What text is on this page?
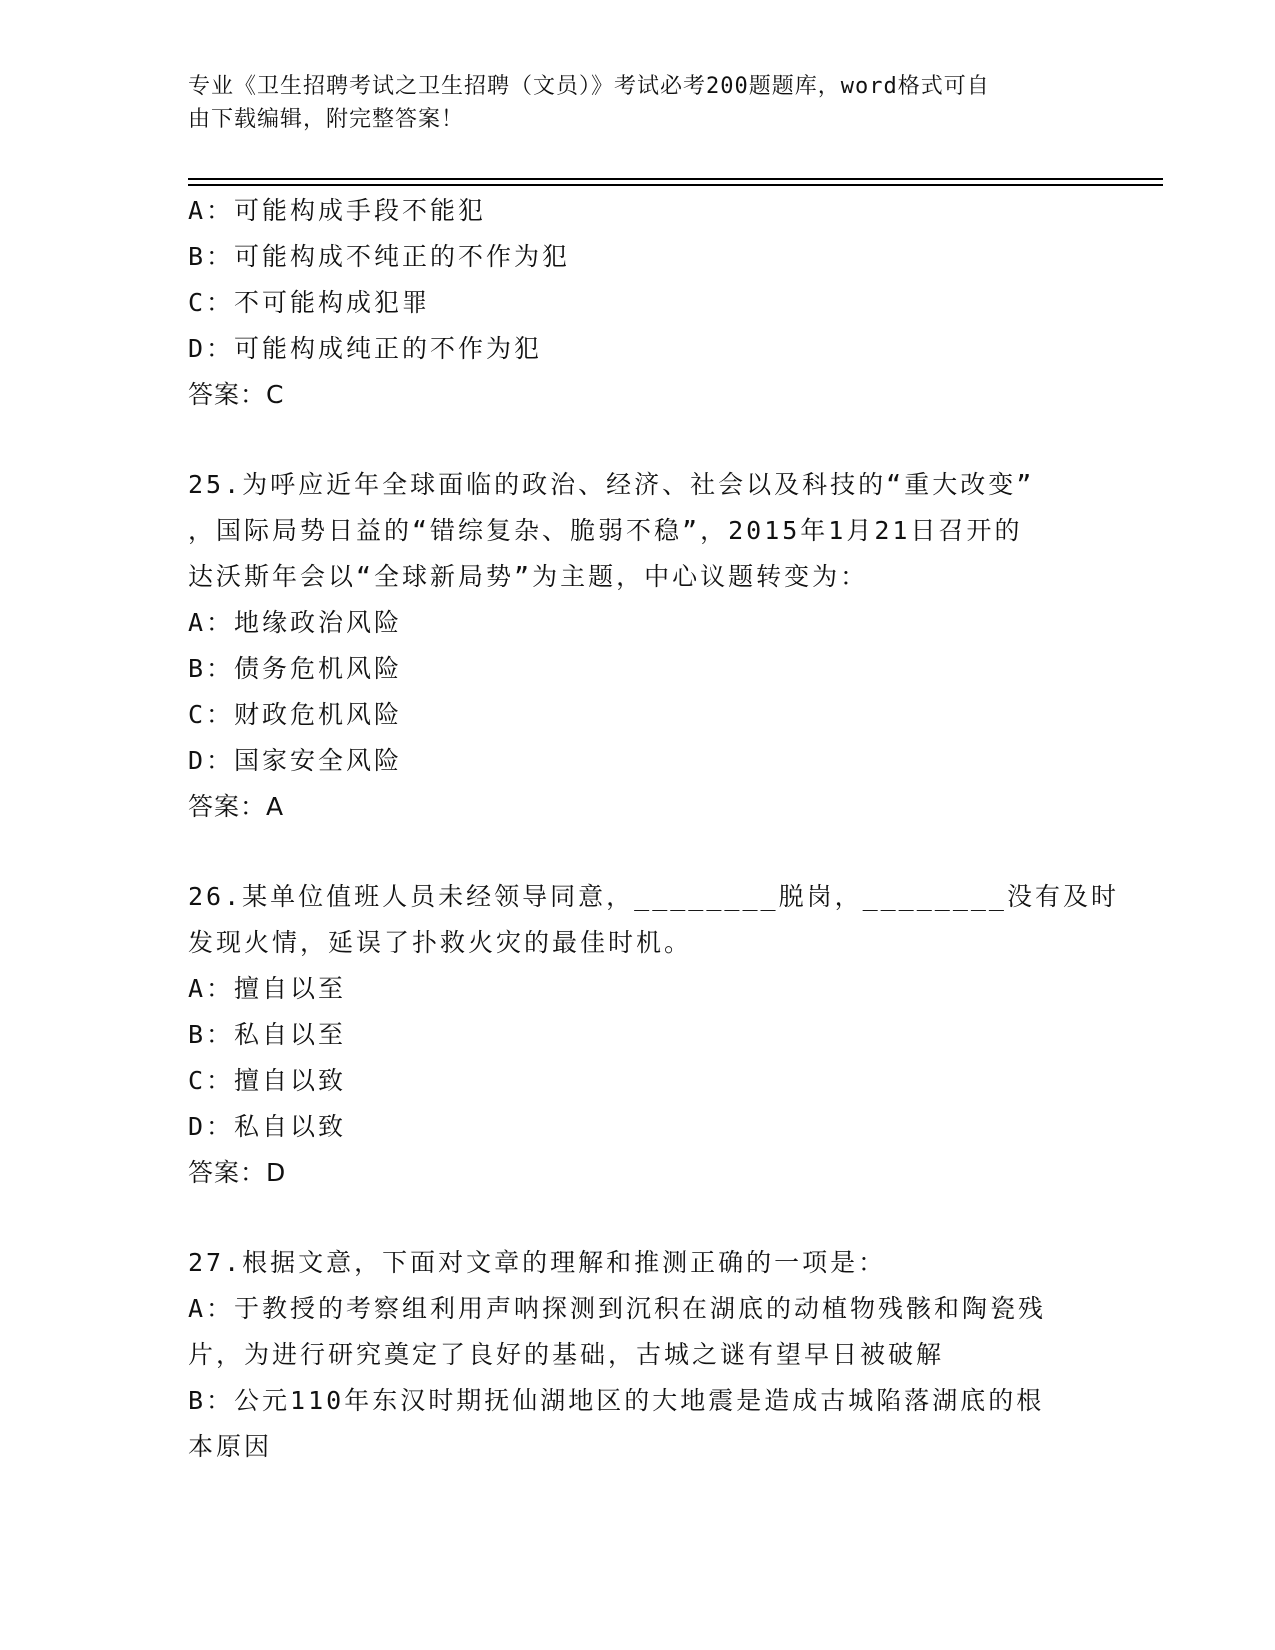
专业《卫生招聘考试之卫生招聘（文员）》考试必考200题题库，word格式可自
由下载编辑，附完整答案！
A：可能构成手段不能犯
B：可能构成不纯正的不作为犯
C：不可能构成犯罪
D：可能构成纯正的不作为犯
答案：C
25.为呼应近年全球面临的政治、经济、社会以及科技的“重大改变”
，国际局势日益的“错综复杂、脆弱不稳”，2015年1月21日召开的
达沃斯年会以“全球新局势”为主题，中心议题转变为：
A：地缘政治风险
B：债务危机风险
C：财政危机风险
D：国家安全风险
答案：A
26.某单位值班人员未经领导同意，________脱岗，________没有及时
发现火情，延误了扑救火灾的最佳时机。
A：擅自以至
B：私自以至
C：擅自以致
D：私自以致
答案：D
27.根据文意，下面对文章的理解和推测正确的一项是：
A：于教授的考察组利用声呐探测到沉积在湖底的动植物残骸和陶瓷残
片，为进行研究奠定了良好的基础，古城之谜有望早日被破解
B：公元110年东汉时期抚仙湖地区的大地震是造成古城陷落湖底的根
本原因
